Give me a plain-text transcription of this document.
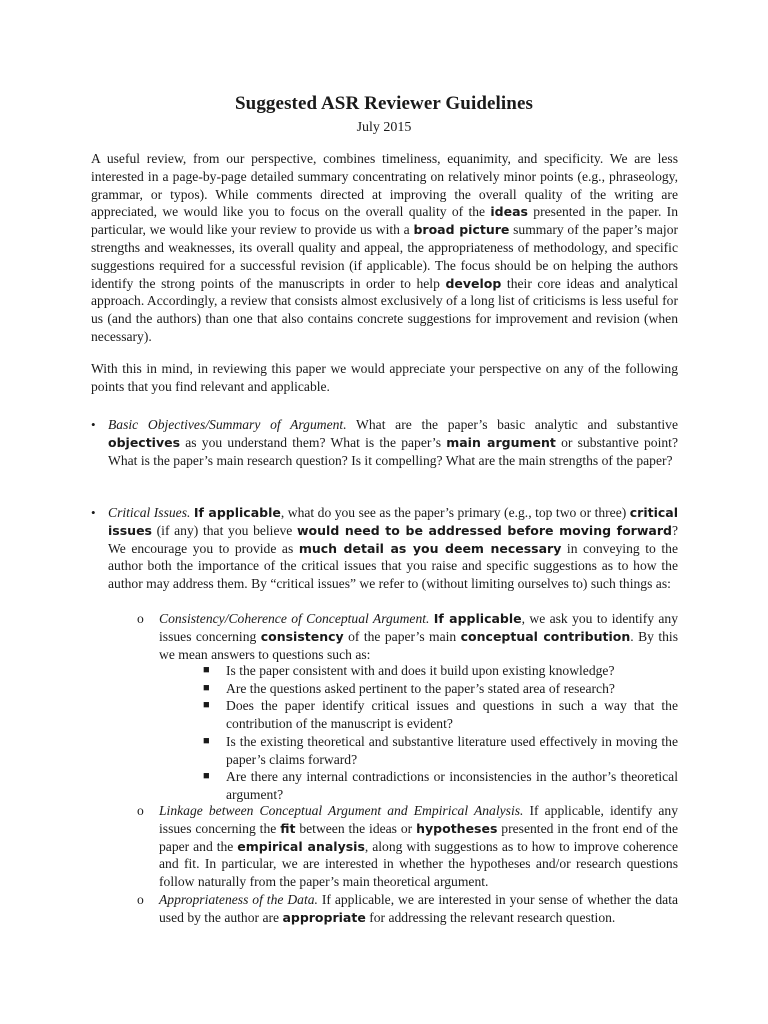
Suggested ASR Reviewer Guidelines
July 2015
A useful review, from our perspective, combines timeliness, equanimity, and specificity. We are less interested in a page-by-page detailed summary concentrating on relatively minor points (e.g., phraseology, grammar, or typos). While comments directed at improving the overall quality of the writing are appreciated, we would like you to focus on the overall quality of the ideas presented in the paper. In particular, we would like your review to provide us with a broad picture summary of the paper’s major strengths and weaknesses, its overall quality and appeal, the appropriateness of methodology, and specific suggestions required for a successful revision (if applicable). The focus should be on helping the authors identify the strong points of the manuscripts in order to help develop their core ideas and analytical approach. Accordingly, a review that consists almost exclusively of a long list of criticisms is less useful for us (and the authors) than one that also contains concrete suggestions for improvement and revision (when necessary).
With this in mind, in reviewing this paper we would appreciate your perspective on any of the following points that you find relevant and applicable.
• Basic Objectives/Summary of Argument. What are the paper’s basic analytic and substantive objectives as you understand them? What is the paper’s main argument or substantive point? What is the paper’s main research question? Is it compelling? What are the main strengths of the paper?
• Critical Issues. If applicable, what do you see as the paper’s primary (e.g., top two or three) critical issues (if any) that you believe would need to be addressed before moving forward? We encourage you to provide as much detail as you deem necessary in conveying to the author both the importance of the critical issues that you raise and specific suggestions as to how the author may address them. By “critical issues” we refer to (without limiting ourselves to) such things as:
o	Consistency/Coherence of Conceptual Argument. If applicable, we ask you to identify any issues concerning consistency of the paper’s main conceptual contribution. By this we mean answers to questions such as:
■	Is the paper consistent with and does it build upon existing knowledge?
■	Are the questions asked pertinent to the paper’s stated area of research?
■	Does the paper identify critical issues and questions in such a way that the contribution of the manuscript is evident?
■	Is the existing theoretical and substantive literature used effectively in moving the paper’s claims forward?
■	Are there any internal contradictions or inconsistencies in the author’s theoretical argument?
o	Linkage between Conceptual Argument and Empirical Analysis. If applicable, identify any issues concerning the fit between the ideas or hypotheses presented in the front end of the paper and the empirical analysis, along with suggestions as to how to improve coherence and fit. In particular, we are interested in whether the hypotheses and/or research questions follow naturally from the paper’s main theoretical argument.
o	Appropriateness of the Data. If applicable, we are interested in your sense of whether the data used by the author are appropriate for addressing the relevant research question.
